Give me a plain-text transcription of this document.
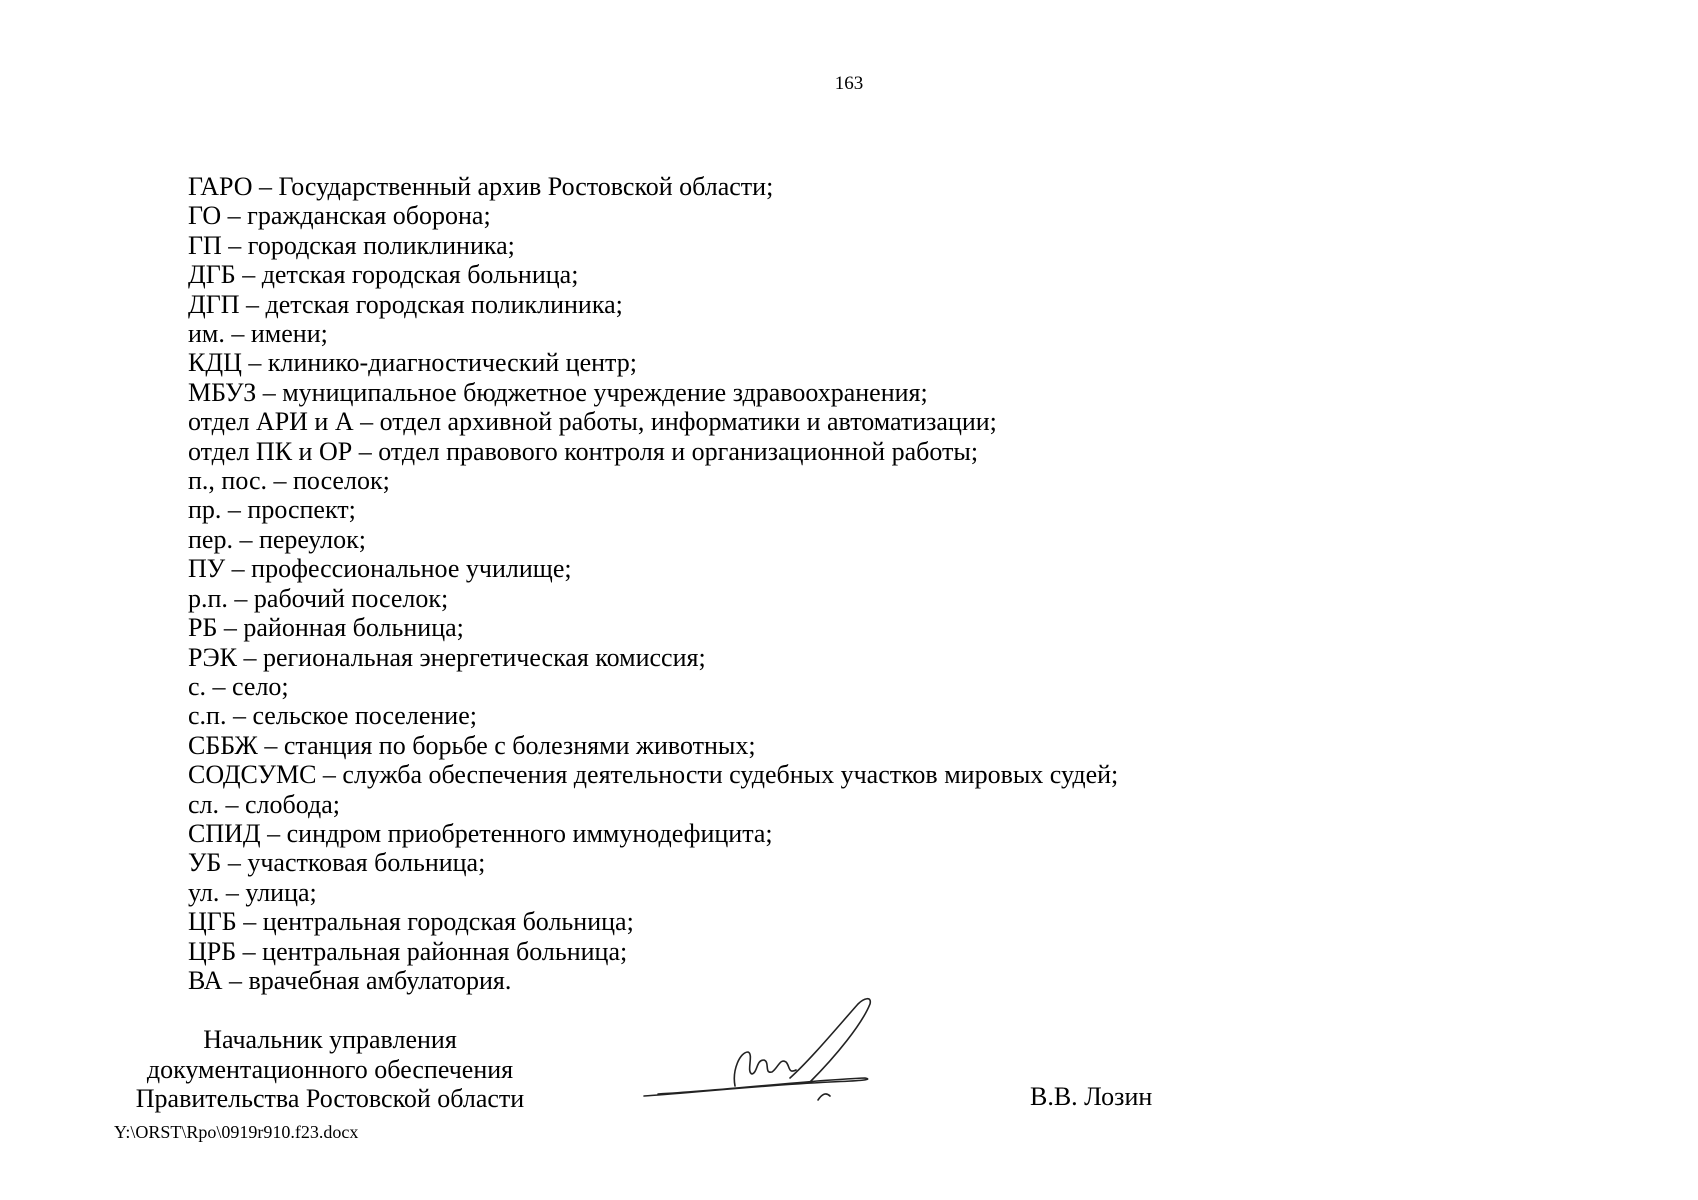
163
ГАРО – Государственный архив Ростовской области;
ГО – гражданская оборона;
ГП – городская поликлиника;
ДГБ – детская городская больница;
ДГП – детская городская поликлиника;
им. – имени;
КДЦ – клинико-диагностический центр;
МБУЗ – муниципальное бюджетное учреждение здравоохранения;
отдел АРИ и А – отдел архивной работы, информатики и автоматизации;
отдел ПК и ОР – отдел правового контроля и организационной работы;
п., пос. – поселок;
пр. – проспект;
пер. – переулок;
ПУ – профессиональное училище;
р.п. – рабочий поселок;
РБ – районная больница;
РЭК – региональная энергетическая комиссия;
с. – село;
с.п. – сельское поселение;
СББЖ – станция по борьбе с болезнями животных;
СОДСУМС – служба обеспечения деятельности судебных участков мировых судей;
сл. – слобода;
СПИД – синдром приобретенного иммунодефицита;
УБ – участковая больница;
ул. – улица;
ЦГБ – центральная городская больница;
ЦРБ – центральная районная больница;
ВА – врачебная амбулатория.
Начальник управления
документационного обеспечения
Правительства Ростовской области	В.В. Лозин
Y:\ORST\Rpo\0919r910.f23.docx
